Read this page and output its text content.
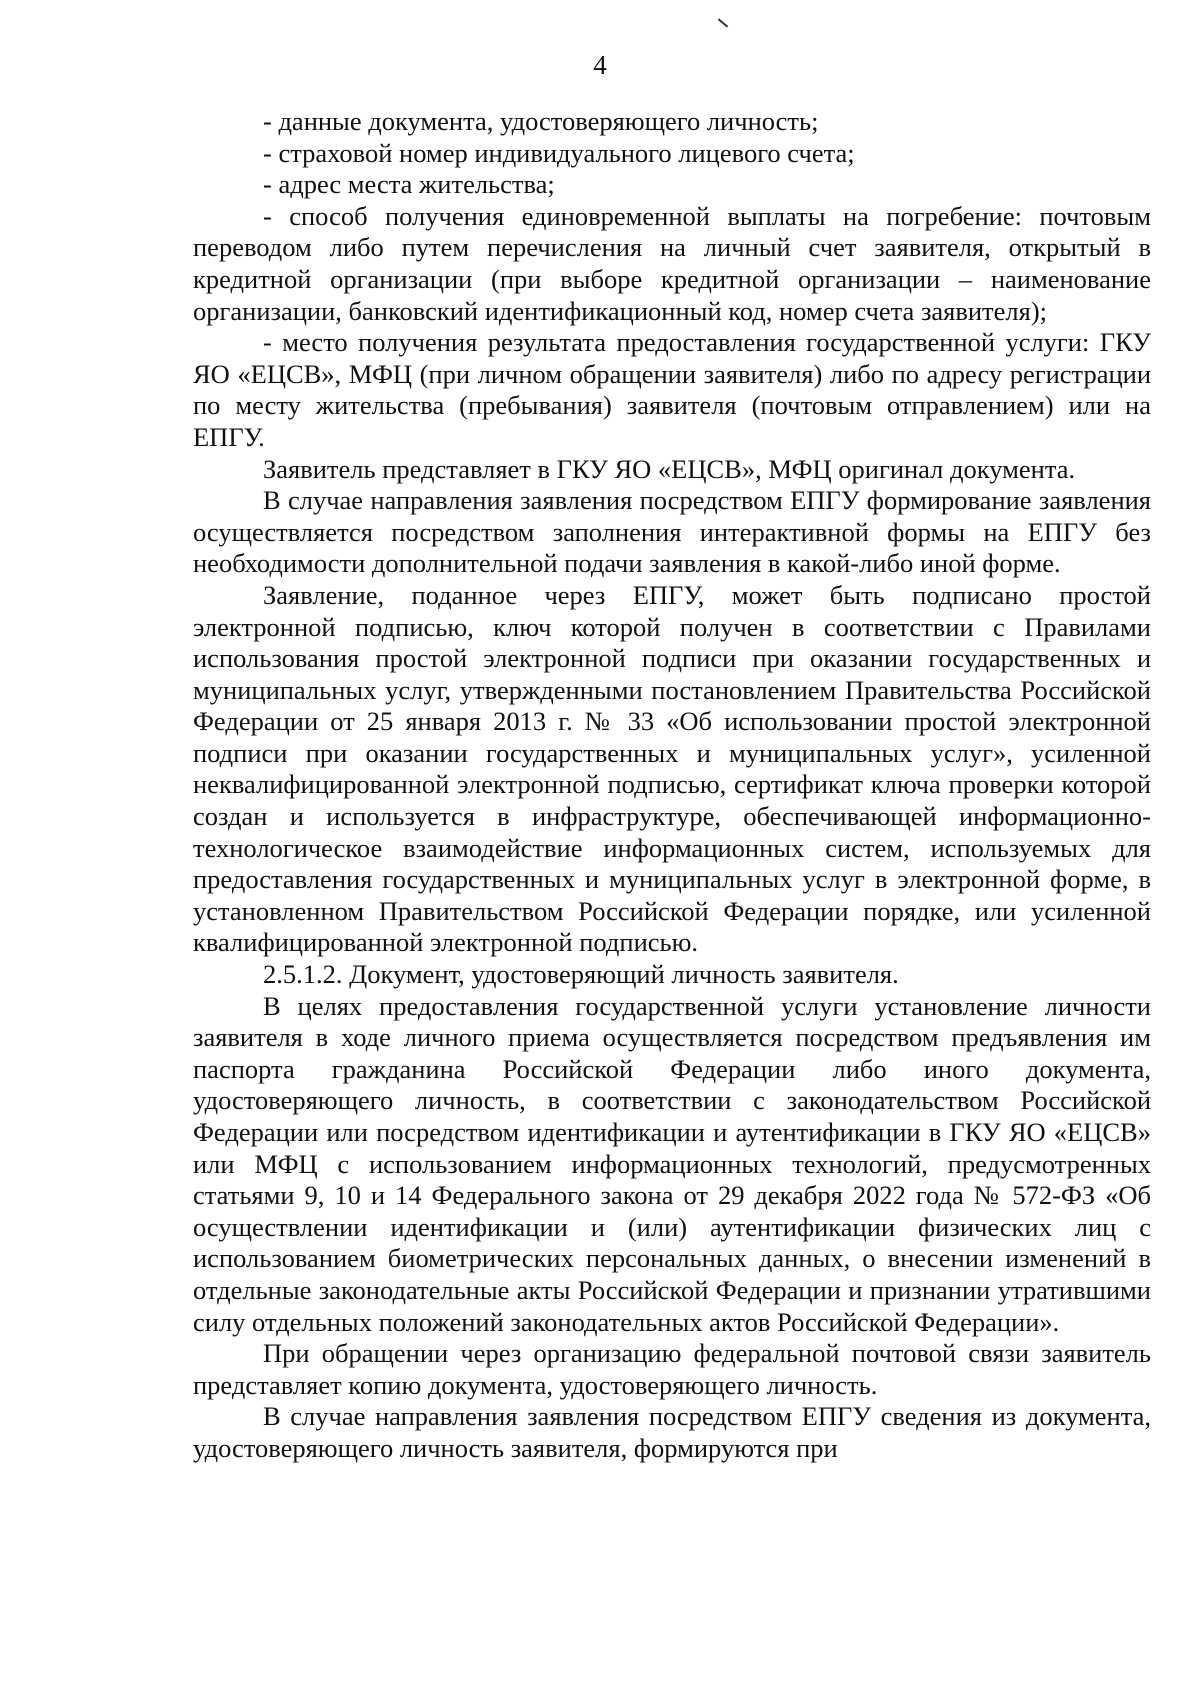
4

- данные документа, удостоверяющего личность;

- страховой номер индивидуального лицевого счета;

- адрес места жительства;

- способ получения единовременной выплаты на погребение: почтовым переводом либо путем перечисления на личный счет заявителя, открытый в кредитной организации (при выборе кредитной организации – наименование организации, банковский идентификационный код, номер счета заявителя);

- место получения результата предоставления государственной услуги: ГКУ ЯО «ЕЦСВ», МФЦ (при личном обращении заявителя) либо по адресу регистрации по месту жительства (пребывания) заявителя (почтовым отправлением) или на ЕПГУ.

Заявитель представляет в ГКУ ЯО «ЕЦСВ», МФЦ оригинал документа.

В случае направления заявления посредством ЕПГУ формирование заявления осуществляется посредством заполнения интерактивной формы на ЕПГУ без необходимости дополнительной подачи заявления в какой-либо иной форме.

Заявление, поданное через ЕПГУ, может быть подписано простой электронной подписью, ключ которой получен в соответствии с Правилами использования простой электронной подписи при оказании государственных и муниципальных услуг, утвержденными постановлением Правительства Российской Федерации от 25 января 2013 г. № 33 «Об использовании простой электронной подписи при оказании государственных и муниципальных услуг», усиленной неквалифицированной электронной подписью, сертификат ключа проверки которой создан и используется в инфраструктуре, обеспечивающей информационно-технологическое взаимодействие информационных систем, используемых для предоставления государственных и муниципальных услуг в электронной форме, в установленном Правительством Российской Федерации порядке, или усиленной квалифицированной электронной подписью.

2.5.1.2. Документ, удостоверяющий личность заявителя.

В целях предоставления государственной услуги установление личности заявителя в ходе личного приема осуществляется посредством предъявления им паспорта гражданина Российской Федерации либо иного документа, удостоверяющего личность, в соответствии с законодательством Российской Федерации или посредством идентификации и аутентификации в ГКУ ЯО «ЕЦСВ» или МФЦ с использованием информационных технологий, предусмотренных статьями 9, 10 и 14 Федерального закона от 29 декабря 2022 года № 572-ФЗ «Об осуществлении идентификации и (или) аутентификации физических лиц с использованием биометрических персональных данных, о внесении изменений в отдельные законодательные акты Российской Федерации и признании утратившими силу отдельных положений законодательных актов Российской Федерации».

При обращении через организацию федеральной почтовой связи заявитель представляет копию документа, удостоверяющего личность.

В случае направления заявления посредством ЕПГУ сведения из документа, удостоверяющего личность заявителя, формируются при
